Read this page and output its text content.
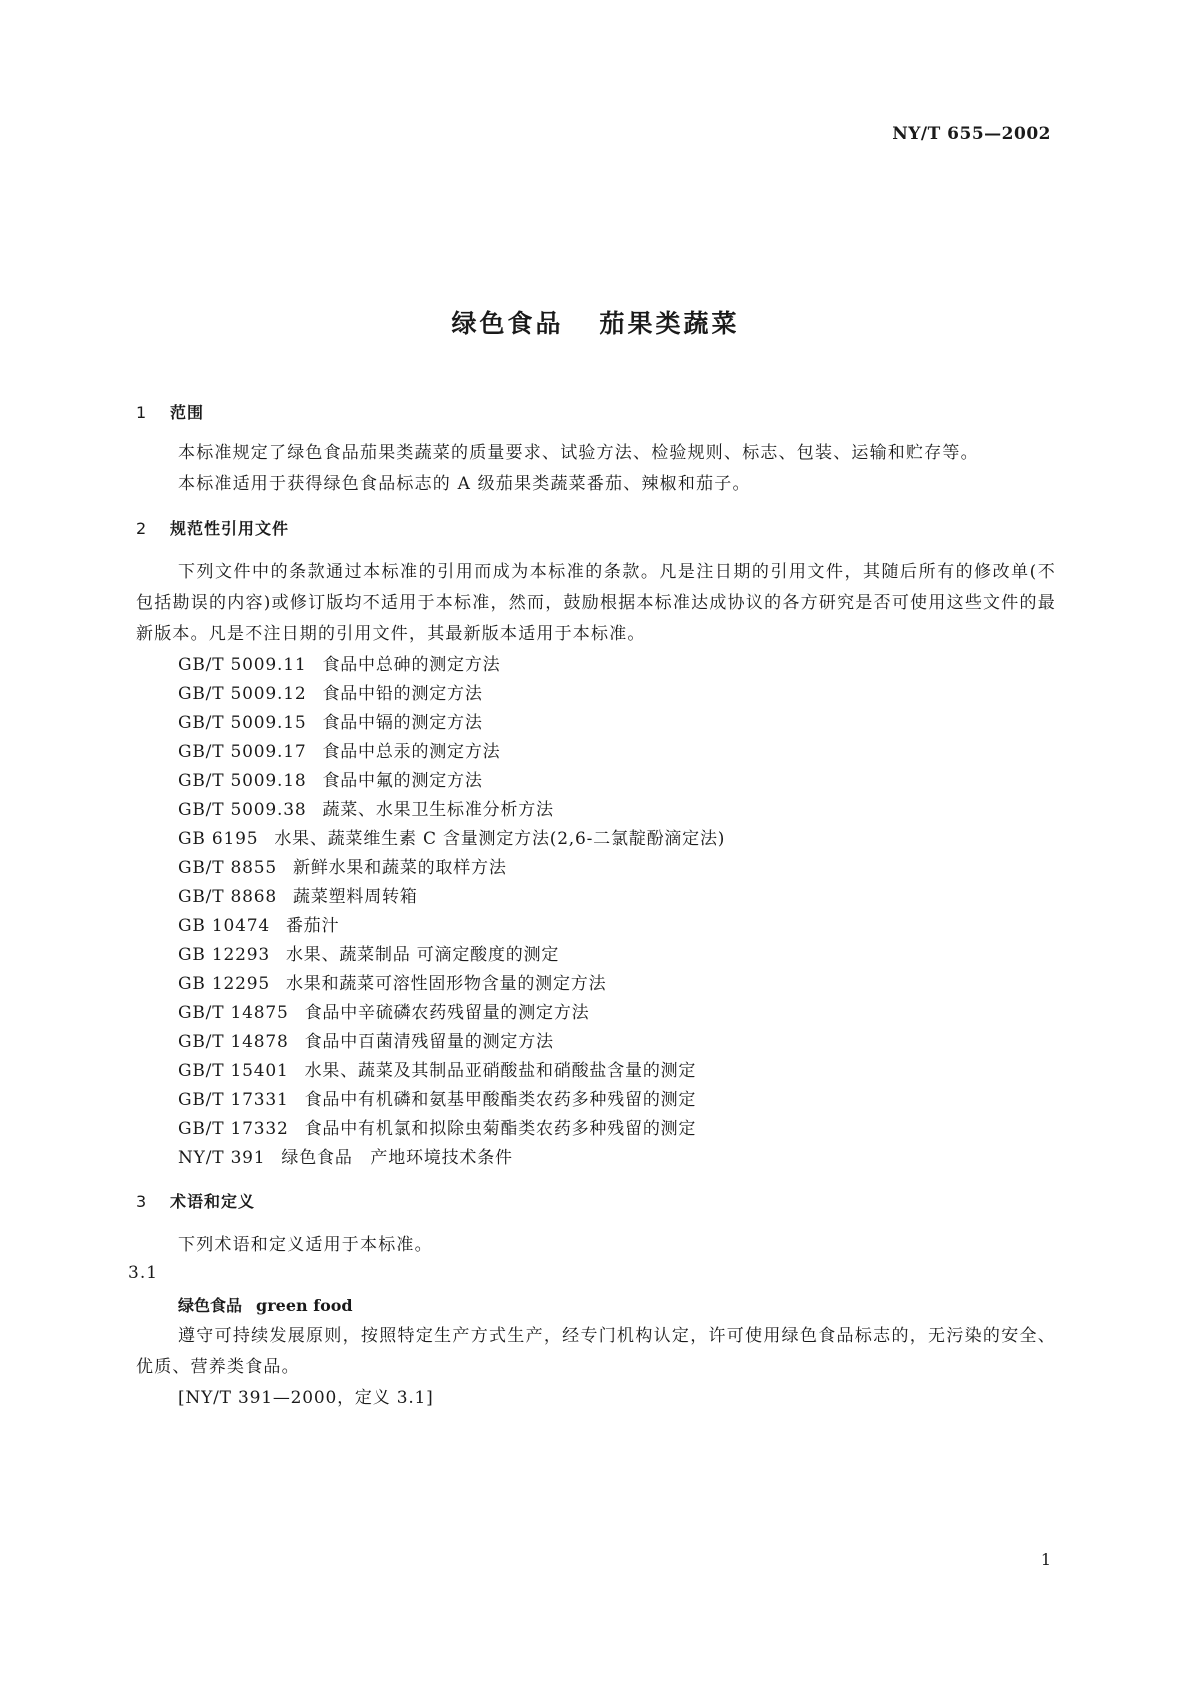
NY/T 655—2002
绿色食品 茄果类蔬菜
1 范围
本标准规定了绿色食品茄果类蔬菜的质量要求、试验方法、检验规则、标志、包装、运输和贮存等。
本标准适用于获得绿色食品标志的 A 级茄果类蔬菜番茄、辣椒和茄子。
2 规范性引用文件
下列文件中的条款通过本标准的引用而成为本标准的条款。凡是注日期的引用文件，其随后所有的修改单(不包括勘误的内容)或修订版均不适用于本标准，然而，鼓励根据本标准达成协议的各方研究是否可使用这些文件的最新版本。凡是不注日期的引用文件，其最新版本适用于本标准。
GB/T 5009.11 食品中总砷的测定方法
GB/T 5009.12 食品中铅的测定方法
GB/T 5009.15 食品中镉的测定方法
GB/T 5009.17 食品中总汞的测定方法
GB/T 5009.18 食品中氟的测定方法
GB/T 5009.38 蔬菜、水果卫生标准分析方法
GB 6195 水果、蔬菜维生素 C 含量测定方法(2,6-二氯靛酚滴定法)
GB/T 8855 新鲜水果和蔬菜的取样方法
GB/T 8868 蔬菜塑料周转箱
GB 10474 番茄汁
GB 12293 水果、蔬菜制品 可滴定酸度的测定
GB 12295 水果和蔬菜可溶性固形物含量的测定方法
GB/T 14875 食品中辛硫磷农药残留量的测定方法
GB/T 14878 食品中百菌清残留量的测定方法
GB/T 15401 水果、蔬菜及其制品亚硝酸盐和硝酸盐含量的测定
GB/T 17331 食品中有机磷和氨基甲酸酯类农药多种残留的测定
GB/T 17332 食品中有机氯和拟除虫菊酯类农药多种残留的测定
NY/T 391 绿色食品　产地环境技术条件
3 术语和定义
下列术语和定义适用于本标准。
3.1
绿色食品 green food
遵守可持续发展原则，按照特定生产方式生产，经专门机构认定，许可使用绿色食品标志的，无污染的安全、优质、营养类食品。
[NY/T 391—2000，定义 3.1]
1
